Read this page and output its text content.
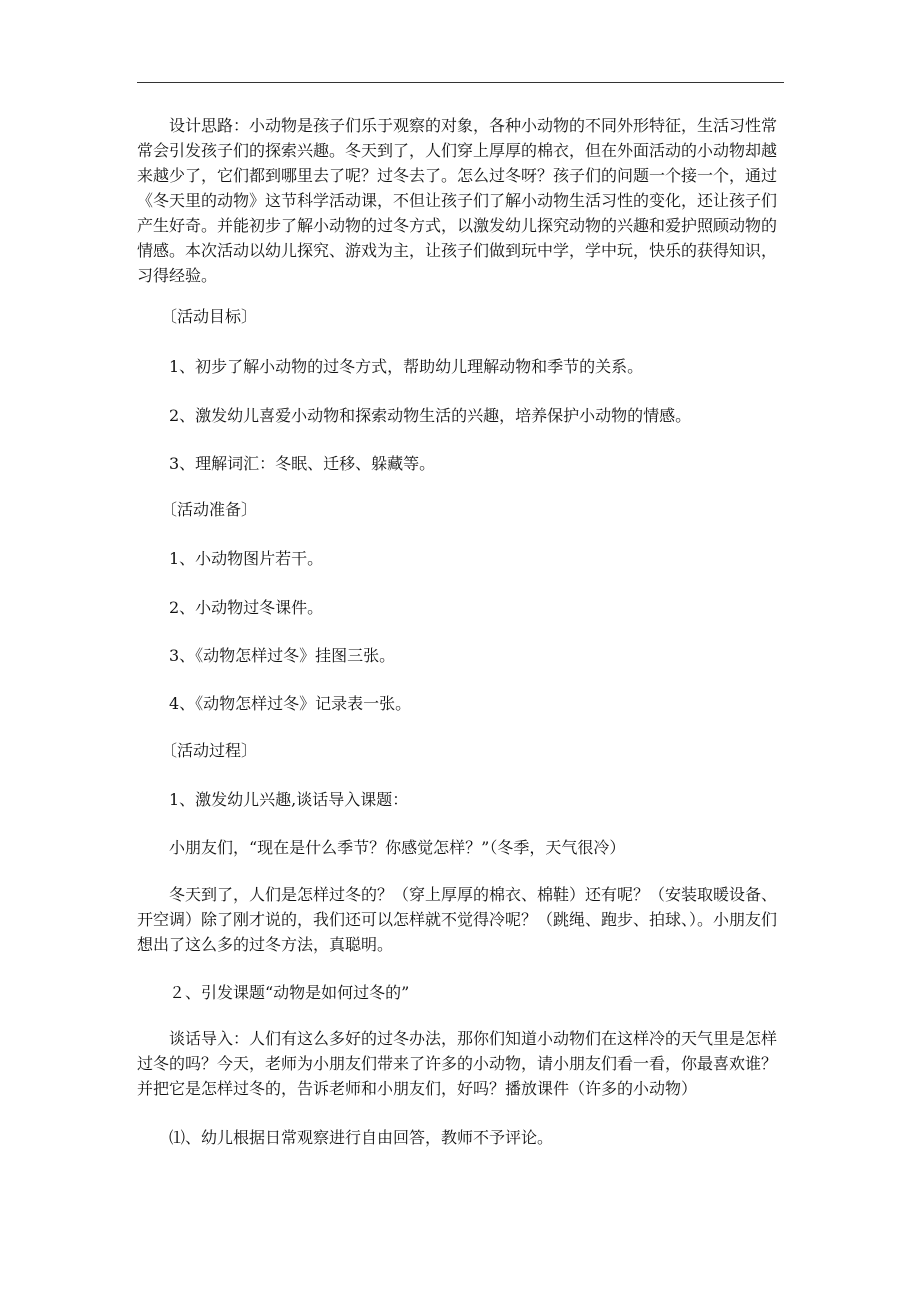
　　设计思路：小动物是孩子们乐于观察的对象，各种小动物的不同外形特征，生活习性常
常会引发孩子们的探索兴趣。冬天到了，人们穿上厚厚的棉衣，但在外面活动的小动物却越
来越少了，它们都到哪里去了呢？过冬去了。怎么过冬呀？孩子们的问题一个接一个，通过
《冬天里的动物》这节科学活动课，不但让孩子们了解小动物生活习性的变化，还让孩子们
产生好奇。并能初步了解小动物的过冬方式，以激发幼儿探究动物的兴趣和爱护照顾动物的
情感。本次活动以幼儿探究、游戏为主，让孩子们做到玩中学，学中玩，快乐的获得知识，
习得经验。

　　〔活动目标〕

　　1、初步了解小动物的过冬方式，帮助幼儿理解动物和季节的关系。

　　2、激发幼儿喜爱小动物和探索动物生活的兴趣，培养保护小动物的情感。

　　3、理解词汇：冬眠、迁移、躲藏等。

　　〔活动准备〕

　　1、小动物图片若干。

　　2、小动物过冬课件。

　　3、《动物怎样过冬》挂图三张。

　　4、《动物怎样过冬》记录表一张。

　　〔活动过程〕

　　1、激发幼儿兴趣,谈话导入课题：

　　小朋友们，“现在是什么季节？你感觉怎样？”（冬季，天气很冷）

　　冬天到了，人们是怎样过冬的？（穿上厚厚的棉衣、棉鞋）还有呢？（安装取暖设备、
开空调）除了刚才说的，我们还可以怎样就不觉得冷呢？（跳绳、跑步、拍球、）。小朋友们
想出了这么多的过冬方法，真聪明。

　　２、引发课题“动物是如何过冬的”

　　谈话导入：人们有这么多好的过冬办法，那你们知道小动物们在这样冷的天气里是怎样
过冬的吗？今天，老师为小朋友们带来了许多的小动物，请小朋友们看一看，你最喜欢谁？
并把它是怎样过冬的，告诉老师和小朋友们，好吗？播放课件（许多的小动物）

　　⑴、幼儿根据日常观察进行自由回答，教师不予评论。
